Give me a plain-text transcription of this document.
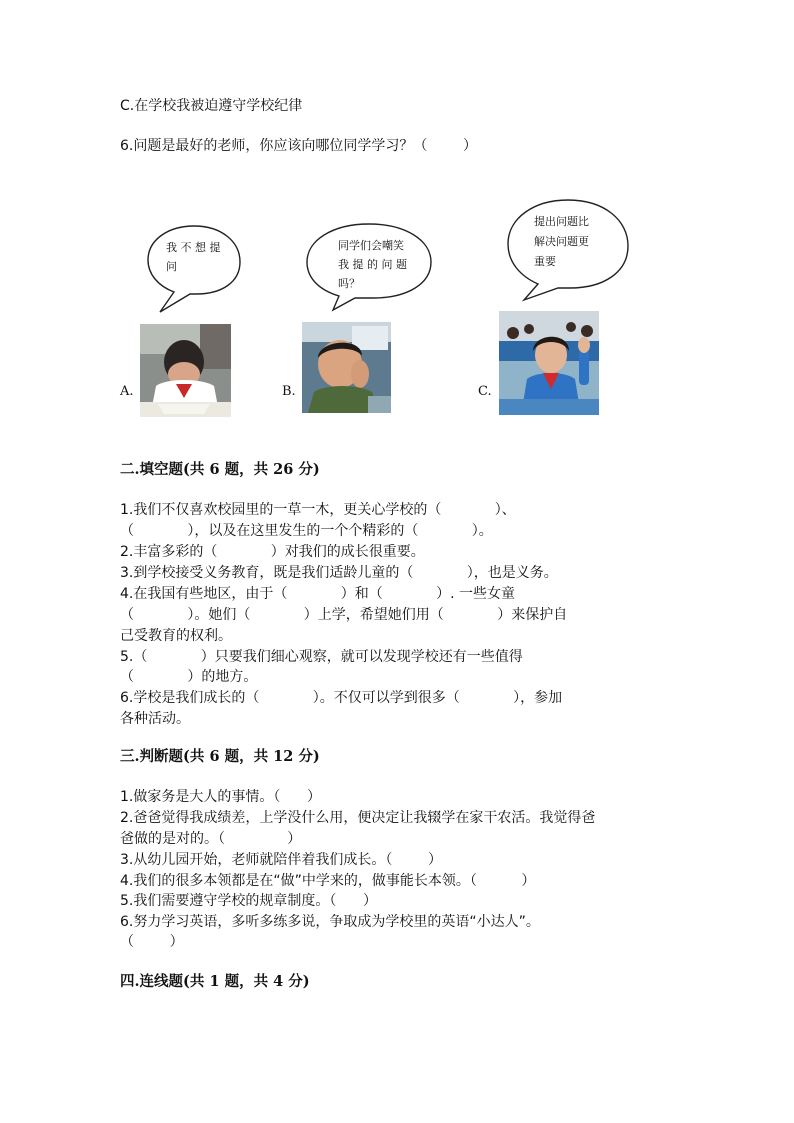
C.在学校我被迫遵守学校纪律
6.问题是最好的老师，你应该向哪位同学学习？（        ）
我 不 想 提
问
同学们会嘲笑
我 提 的 问 题
吗？
提出问题比
解决问题更
重要
A.	B.	C.
二.填空题(共 6 题，共 26 分)
1.我们不仅喜欢校园里的一草一木，更关心学校的（            ）、
（            ），以及在这里发生的一个个精彩的（            ）。
2.丰富多彩的（            ）对我们的成长很重要。
3.到学校接受义务教育，既是我们适龄儿童的（            ），也是义务。
4.在我国有些地区，由于（            ）和（            ）. 一些女童
（            ）。她们（            ）上学，希望她们用（            ）来保护自
己受教育的权利。
5.（            ）只要我们细心观察，就可以发现学校还有一些值得
（            ）的地方。
6.学校是我们成长的（            ）。不仅可以学到很多（            ），参加
各种活动。
三.判断题(共 6 题，共 12 分)
1.做家务是大人的事情。（      ）
2.爸爸觉得我成绩差，上学没什么用，便决定让我辍学在家干农活。我觉得爸
爸做的是对的。（              ）
3.从幼儿园开始，老师就陪伴着我们成长。（        ）
4.我们的很多本领都是在“做”中学来的，做事能长本领。（          ）
5.我们需要遵守学校的规章制度。（      ）
6.努力学习英语，多听多练多说，争取成为学校里的英语“小达人”。
（        ）
四.连线题(共 1 题，共 4 分)
